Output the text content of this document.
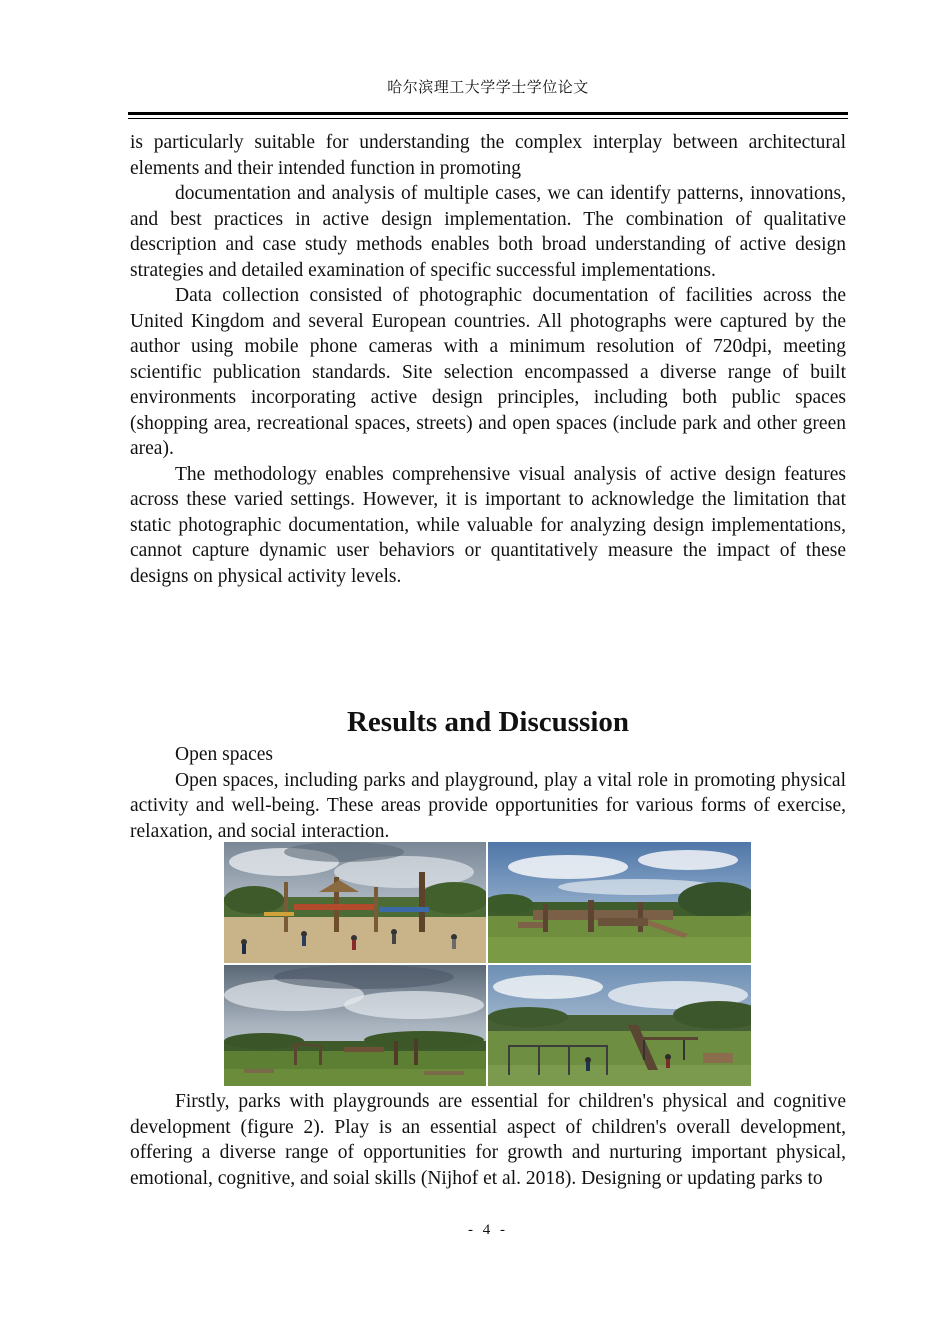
哈尔滨理工大学学士学位论文

is particularly suitable for understanding the complex interplay between architectural elements and their intended function in promoting

documentation and analysis of multiple cases, we can identify patterns, innovations, and best practices in active design implementation. The combination of qualitative description and case study methods enables both broad understanding of active design strategies and detailed examination of specific successful implementations.

Data collection consisted of photographic documentation of facilities across the United Kingdom and several European countries. All photographs were captured by the author using mobile phone cameras with a minimum resolution of 720dpi, meeting scientific publication standards. Site selection encompassed a diverse range of built environments incorporating active design principles, including both public spaces (shopping area, recreational spaces, streets) and open spaces (include park and other green area).

The methodology enables comprehensive visual analysis of active design features across these varied settings. However, it is important to acknowledge the limitation that static photographic documentation, while valuable for analyzing design implementations, cannot capture dynamic user behaviors or quantitatively measure the impact of these designs on physical activity levels.

Results and Discussion

Open spaces

Open spaces, including parks and playground, play a vital role in promoting physical activity and well-being. These areas provide opportunities for various forms of exercise, relaxation, and social interaction.

Firstly, parks with playgrounds are essential for children's physical and cognitive development (figure 2). Play is an essential aspect of children's overall development, offering a diverse range of opportunities for growth and nurturing important physical, emotional, cognitive, and soial skills (Nijhof et al. 2018). Designing or updating parks to

- 4 -
